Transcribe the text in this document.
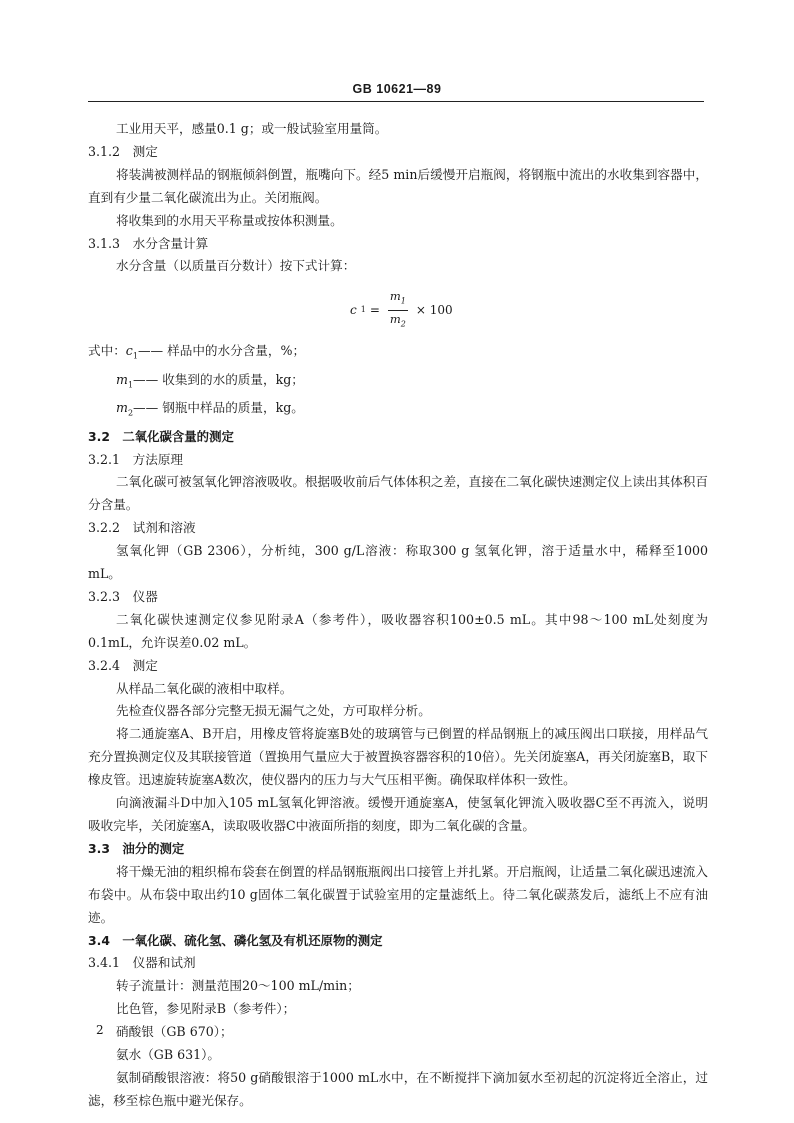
GB 10621—89

工业用天平，感量0.1 g；或一般试验室用量筒。

3.1.2　测定

将装满被测样品的钢瓶倾斜倒置，瓶嘴向下。经5 min后缓慢开启瓶阀，将钢瓶中流出的水收集到容器中，直到有少量二氧化碳流出为止。关闭瓶阀。

将收集到的水用天平称量或按体积测量。

3.1.3　水分含量计算

水分含量（以质量百分数计）按下式计算：

c $1 = \frac{m_1}{m_2} \times 100$

式中：$c_1——$ 样品中的水分含量，%；

$m_1——$ 收集到的水的质量，kg；

$m_2——$ 钢瓶中样品的质量，kg。

3.2　二氧化碳含量的测定

3.2.1　方法原理

二氧化碳可被氢氧化钾溶液吸收。根据吸收前后气体体积之差，直接在二氧化碳快速测定仪上读出其体积百分含量。

3.2.2　试剂和溶液

氢氧化钾（GB 2306），分析纯，300 g/L溶液：称取300 g 氢氧化钾，溶于适量水中，稀释至1000 mL。

3.2.3　仪器

二氧化碳快速测定仪参见附录A（参考件），吸收器容积100±0.5 mL。其中98～100 mL处刻度为0.1mL，允许误差0.02 mL。

3.2.4　测定

从样品二氧化碳的液相中取样。

先检查仪器各部分完整无损无漏气之处，方可取样分析。

将二通旋塞A、B开启，用橡皮管将旋塞B处的玻璃管与已倒置的样品钢瓶上的减压阀出口联接，用样品气充分置换测定仪及其联接管道（置换用气量应大于被置换容器容积的10倍）。先关闭旋塞A，再关闭旋塞B，取下橡皮管。迅速旋转旋塞A数次，使仪器内的压力与大气压相平衡。确保取样体积一致性。

向滴液漏斗D中加入105 mL氢氧化钾溶液。缓慢开通旋塞A，使氢氧化钾流入吸收器C至不再流入，说明吸收完毕，关闭旋塞A，读取吸收器C中液面所指的刻度，即为二氧化碳的含量。

3.3　油分的测定

将干燥无油的粗织棉布袋套在倒置的样品钢瓶瓶阀出口接管上并扎紧。开启瓶阀，让适量二氧化碳迅速流入布袋中。从布袋中取出约10 g固体二氧化碳置于试验室用的定量滤纸上。待二氧化碳蒸发后，滤纸上不应有油迹。

3.4　一氧化碳、硫化氢、磷化氢及有机还原物的测定

3.4.1　仪器和试剂

转子流量计：测量范围20～100 mL/min；

比色管，参见附录B（参考件）；

硝酸银（GB 670）；

氨水（GB 631）。

氨制硝酸银溶液：将50 g硝酸银溶于1000 mL水中，在不断搅拌下滴加氨水至初起的沉淀将近全溶止，过滤，移至棕色瓶中避光保存。

2
